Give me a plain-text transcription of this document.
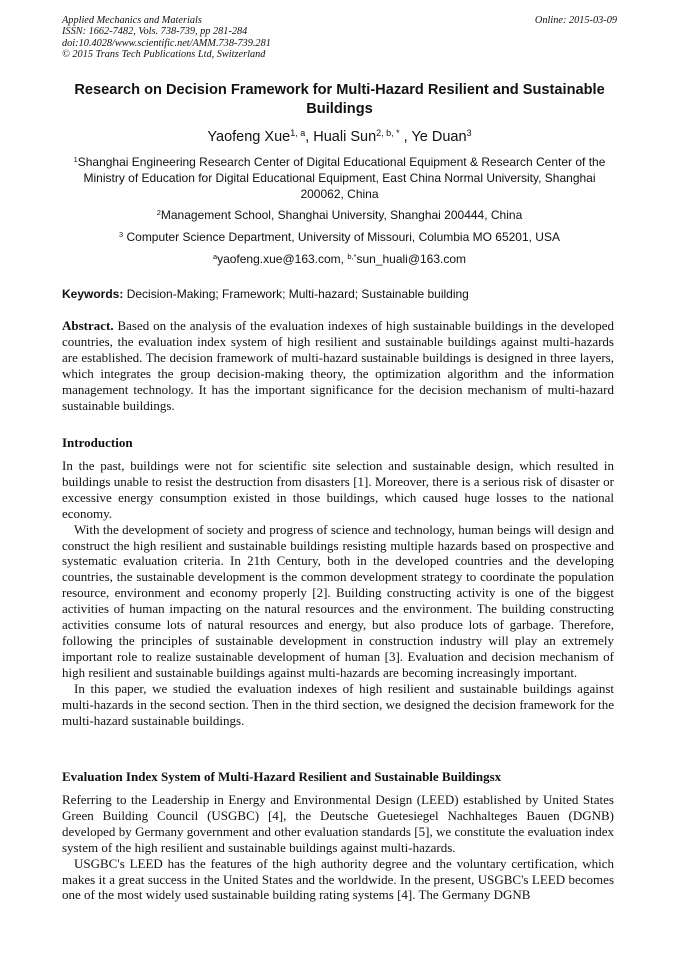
Applied Mechanics and Materials
ISSN: 1662-7482, Vols. 738-739, pp 281-284
doi:10.4028/www.scientific.net/AMM.738-739.281
© 2015 Trans Tech Publications Ltd, Switzerland
Online: 2015-03-09
Research on Decision Framework for Multi-Hazard Resilient and Sustainable Buildings
Yaofeng Xue$^{1, a}$, Huali Sun$^{2, b, *}$ , Ye Duan$^3$
$^1$Shanghai Engineering Research Center of Digital Educational Equipment & Research Center of the Ministry of Education for Digital Educational Equipment, East China Normal University, Shanghai 200062, China
$^2$Management School, Shanghai University, Shanghai 200444, China
$^3$ Computer Science Department, University of Missouri, Columbia MO 65201, USA
$^a$yaofeng.xue@163.com, $^{b,*}$sun_huali@163.com
Keywords: Decision-Making; Framework; Multi-hazard; Sustainable building

Abstract. Based on the analysis of the evaluation indexes of high sustainable buildings in the developed countries, the evaluation index system of high resilient and sustainable buildings against multi-hazards are established. The decision framework of multi-hazard sustainable buildings is designed in three layers, which integrates the group decision-making theory, the optimization algorithm and the information management technology. It has the important significance for the decision mechanism of multi-hazard sustainable buildings.

Introduction

In the past, buildings were not for scientific site selection and sustainable design, which resulted in buildings unable to resist the destruction from disasters [1]. Moreover, there is a serious risk of disaster or excessive energy consumption existed in those buildings, which caused huge losses to the national economy.

With the development of society and progress of science and technology, human beings will design and construct the high resilient and sustainable buildings resisting multiple hazards based on prospective and systematic evaluation criteria. In 21th Century, both in the developed countries and the developing countries, the sustainable development is the common development strategy to coordinate the population resource, environment and economy properly [2]. Building constructing activity is one of the biggest activities of human impacting on the natural resources and the environment. The building constructing activities consume lots of natural resources and energy, but also produce lots of garbage. Therefore, following the principles of sustainable development in construction industry will play an extremely important role to realize sustainable development of human [3]. Evaluation and decision mechanism of high resilient and sustainable buildings against multi-hazards are becoming increasingly important.

In this paper, we studied the evaluation indexes of high resilient and sustainable buildings against multi-hazards in the second section. Then in the third section, we designed the decision framework for the multi-hazard sustainable buildings.

Evaluation Index System of Multi-Hazard Resilient and Sustainable Buildingsx

Referring to the Leadership in Energy and Environmental Design (LEED) established by United States Green Building Council (USGBC) [4], the Deutsche Guetesiegel Nachhalteges Bauen (DGNB) developed by Germany government and other evaluation standards [5], we constitute the evaluation index system of the high resilient and sustainable buildings against multi-hazards.

USGBC's LEED has the features of the high authority degree and the voluntary certification, which makes it a great success in the United States and the worldwide. In the present, USGBC's LEED becomes one of the most widely used sustainable building rating systems [4]. The Germany DGNB
